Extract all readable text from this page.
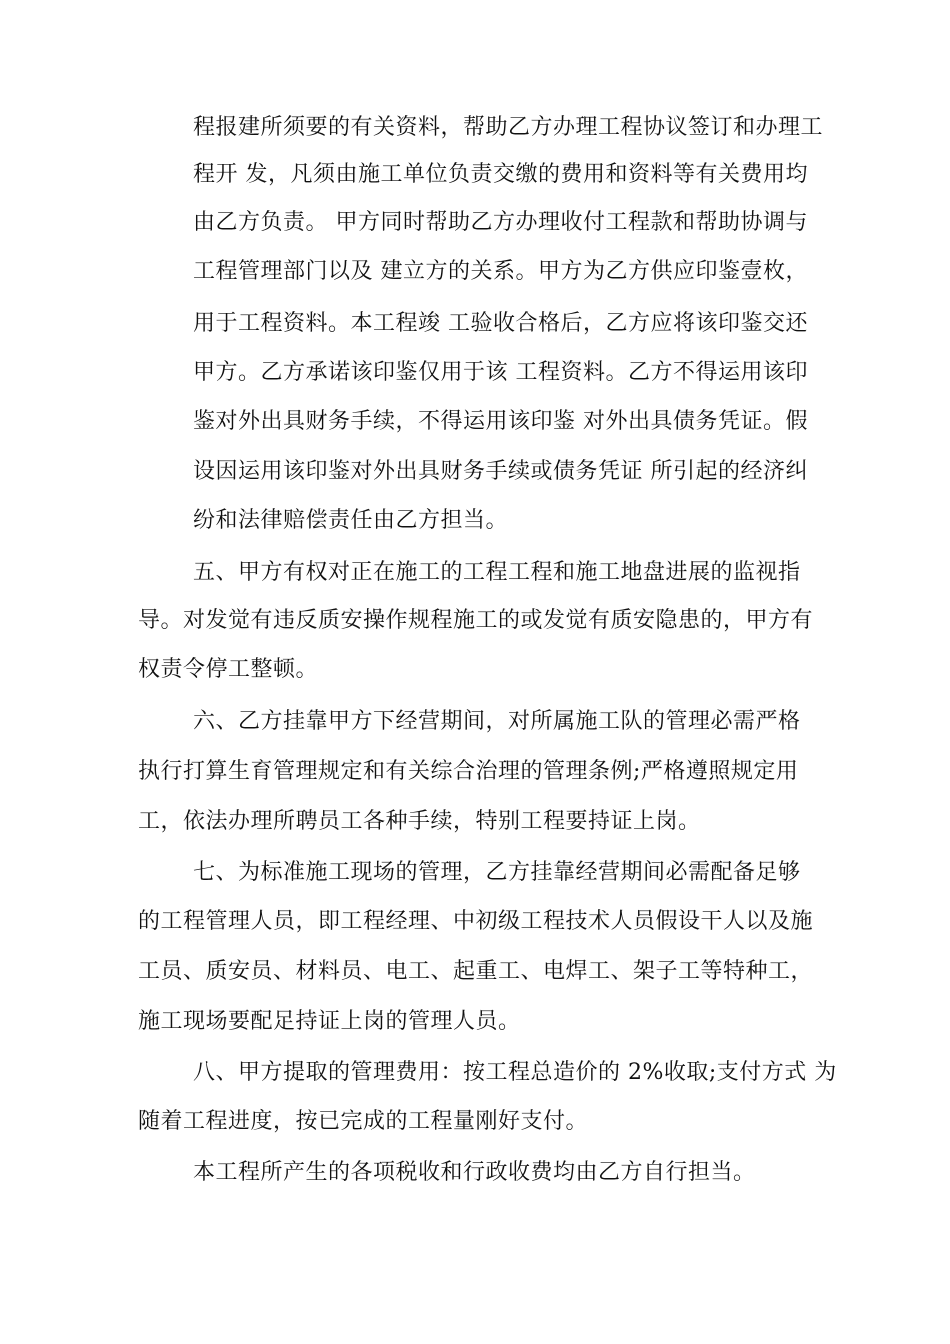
程报建所须要的有关资料，帮助乙方办理工程协议签订和办理工
程开 发，凡须由施工单位负责交缴的费用和资料等有关费用均
由乙方负责。 甲方同时帮助乙方办理收付工程款和帮助协调与
工程管理部门以及 建立方的关系。甲方为乙方供应印鉴壹枚，
用于工程资料。本工程竣 工验收合格后，乙方应将该印鉴交还
甲方。乙方承诺该印鉴仅用于该 工程资料。乙方不得运用该印
鉴对外出具财务手续，不得运用该印鉴 对外出具债务凭证。假
设因运用该印鉴对外出具财务手续或债务凭证 所引起的经济纠
纷和法律赔偿责任由乙方担当。
五、甲方有权对正在施工的工程工程和施工地盘进展的监视指
导。对发觉有违反质安操作规程施工的或发觉有质安隐患的，甲方有
权责令停工整顿。
六、乙方挂靠甲方下经营期间，对所属施工队的管理必需严格
执行打算生育管理规定和有关综合治理的管理条例;严格遵照规定用
工，依法办理所聘员工各种手续，特别工程要持证上岗。
七、为标准施工现场的管理，乙方挂靠经营期间必需配备足够
的工程管理人员，即工程经理、中初级工程技术人员假设干人以及施
工员、质安员、材料员、电工、起重工、电焊工、架子工等特种工，
施工现场要配足持证上岗的管理人员。
八、甲方提取的管理费用：按工程总造价的 2%收取;支付方式 为
随着工程进度，按已完成的工程量刚好支付。
本工程所产生的各项税收和行政收费均由乙方自行担当。
